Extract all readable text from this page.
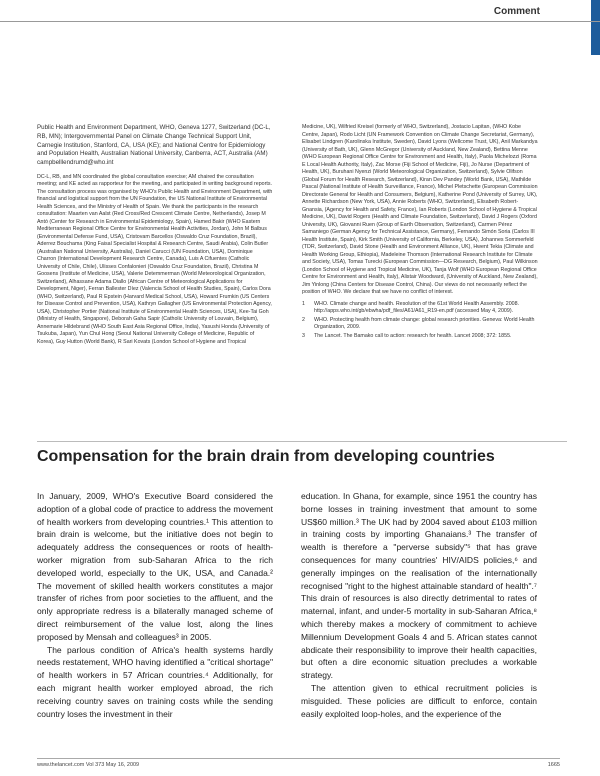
Comment

Public Health and Environment Department, WHO, Geneva 1277, Switzerland (DC-L, RB, MN); Intergovernmental Panel on Climate Change Technical Support Unit, Carnegie Institution, Stanford, CA, USA (KE); and National Centre for Epidemiology and Population Health, Australian National University, Canberra, ACT, Australia (AM) campbelllendrumd@who.int

DC-L, RB, and MN coordinated the global consultation exercise; AM chaired the consultation meeting; and KE acted as rapporteur for the meeting, and participated in writing background reports. The consultation process was organised by WHO's Public Health and Environment Department, with financial and logistical support from the UN Foundation, the US National Institute of Environmental Health Sciences, and the Ministry of Health of Spain. We thank the participants in the research consultation: Maarten van Aalst (Red Cross/Red Crescent Climate Centre, Netherlands), Josep M Antó (Center for Research in Environmental Epidemiology, Spain), Hamed Bakir (WHO Eastern Mediterranean Regional Office Centre for Environmental Health Activities, Jordan), John M Balbus (Environmental Defense Fund, USA), Cristovam Barcellos (Oswaldo Cruz Foundation, Brazil), Aderrez Bouchama (King Faisal Specialist Hospital & Research Centre, Saudi Arabia), Colin Butler (Australian National University, Australia), Daniel Carucci (UN Foundation, USA), Dominique Charron (International Development Research Centre, Canada), Luis A Cifuentes (Catholic University of Chile, Chile), Ulisses Confalonieri (Oswaldo Cruz Foundation, Brazil), Christina M Goosens (Institute of Medicine, USA), Valerie Detemmerman (World Meteorological Organization, Switzerland), Alhassane Adama Diallo (African Centre of Meteorological Applications for Development, Niger), Ferran Ballester Díez (Valencia School of Health Studies, Spain), Carlos Dora (WHO, Switzerland), Paul R Epstein (Harvard Medical School, USA), Howard Frumkin (US Centers for Disease Control and Prevention, USA), Kathryn Gallagher (US Environmental Protection Agency, USA), Christopher Portier (National Institute of Environmental Health Sciences, USA), Kee-Tai Goh (Ministry of Health, Singapore), Deborah Gaha Sapir (Catholic University of Louvain, Belgium), Annemarie Hildebrand (WHO South East Asia Regional Office, India), Yasushi Honda (University of Tsukuba, Japan), Yun Chul Hong (Seoul National University College of Medicine, Republic of Korea), Guy Hutton (World Bank), R Sari Kovats (London School of Hygiene and Tropical

Medicine, UK), Wilfried Kreisel (formerly of WHO, Switzerland), Jostacio Lapitan, (WHO Kobe Centre, Japan), Rodo Licht (UN Framework Convention on Climate Change Secretariat, Germany), Elisabet Lindgren (Karolinska Institute, Sweden), David Lyons (Wellcome Trust, UK), Anil Markandya (University of Bath, UK), Glenn McGregor (University of Auckland, New Zealand), Bettina Menne (WHO European Regional Office Centre for Environment and Health, Italy), Paola Michelozzi (Roma E Local Health Authority, Italy), Zac Morse (Fiji School of Medicine, Fiji), Jo Nurse (Department of Health, UK), Buruhani Nyenzi (World Meteorological Organization, Switzerland), Sylvie Olifson (Global Forum for Health Research, Switzerland), Kiran Dev Pandey (World Bank, USA), Mathilde Pascal (National Institute of Health Surveillance, France), Michel Pletschette (European Commission Directorate General for Health and Consumers, Belgium), Katherine Pond (University of Surrey, UK), Annette Richardson (New York, USA), Annie Roberts (WHO, Switzerland), Elisabeth Robert-Gnansia, (Agency for Health and Safety, France), Ian Roberts (London School of Hygiene & Tropical Medicine, UK), David Rogers (Health and Climate Foundation, Switzerland), David J Rogers (Oxford University, UK), Giovanni Ruen (Group of Earth Observation, Switzerland), Carmen Pérez Samaniego (German Agency for Technical Assistance, Germany), Fernando Simón Soria (Carlos III Health Institute, Spain), Kirk Smith (University of California, Berkeley, USA), Johannes Sommerfeld (TDR, Switzerland), David Stone (Health and Environment Alliance, UK), Hwent Tekia (Climate and Health Working Group, Ethiopia), Madeleine Thomson (International Research Institute for Climate and Society, USA), Tomas Turecki (European Commission—DG Research, Belgium), Paul Wilkinson (London School of Hygiene and Tropical Medicine, UK), Tanja Wolf (WHO European Regional Office Centre for Environment and Health, Italy), Alistair Woodward, (University of Auckland, New Zealand), Jim Yinlong (China Centers for Disease Control, China). Our views do not necessarily reflect the position of WHO. We declare that we have no conflict of interest.

1	WHO. Climate change and health. Resolution of the 61st World Health Assembly. 2008. http://apps.who.int/gb/ebwha/pdf_files/A61/A61_R19-en.pdf (accessed May 4, 2009).
2	WHO. Protecting health from climate change: global research priorities. Geneva: World Health Organization, 2009.
3	The Lancet. The Bamako call to action: research for health. Lancet 2008; 372: 1855.
Compensation for the brain drain from developing countries

In January, 2009, WHO's Executive Board considered the adoption of a global code of practice to address the movement of health workers from developing countries.¹ This attention to brain drain is welcome, but the initiative does not begin to adequately address the consequences or roots of health-worker migration from sub-Saharan Africa to the rich developed world, especially to the UK, USA, and Canada.² The movement of skilled health workers constitutes a major transfer of riches from poor societies to the affluent, and the only appropriate redress is a bilaterally managed scheme of direct reimbursement of the value lost, along the lines proposed by Mensah and colleagues³ in 2005.

The parlous condition of Africa's health systems hardly needs restatement, WHO having identified a "critical shortage" of health workers in 57 African countries.⁴ Additionally, for each migrant health worker employed abroad, the rich receiving country saves on training costs while the sending country loses the investment in their

education. In Ghana, for example, since 1951 the country has borne losses in training investment that amount to some US$60 million.³ The UK had by 2004 saved about £103 million in training costs by importing Ghanaians.³ The transfer of wealth is therefore a "perverse subsidy"⁵ that has grave consequences for many countries' HIV/AIDS policies,⁶ and generally impinges on the realisation of the internationally recognised "right to the highest attainable standard of health".⁷ This drain of resources is also directly detrimental to rates of maternal, infant, and under-5 mortality in sub-Saharan Africa,⁸ which thereby makes a mockery of commitment to achieve Millennium Development Goals 4 and 5. African states cannot abdicate their responsibility to improve their health capacities, but often a dire economic situation precludes a workable strategy.

The attention given to ethical recruitment policies is misguided. These policies are difficult to enforce, contain easily exploited loop-holes, and the experience of the

www.thelancet.com Vol 373 May 16, 2009	1665
